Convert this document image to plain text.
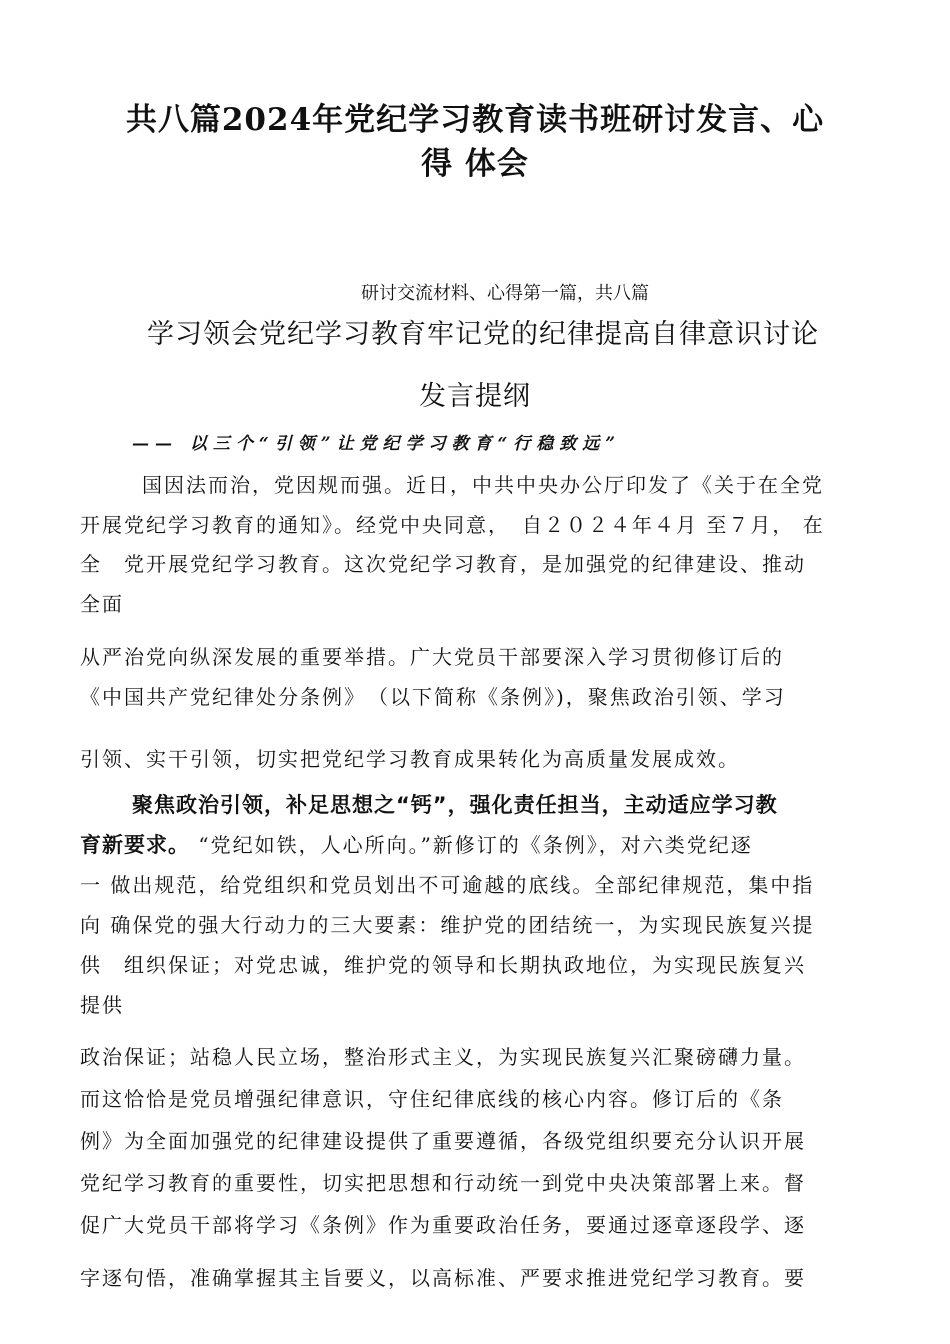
共八篇2024年党纪学习教育读书班研讨发言、心
得 体会
研讨交流材料、心得第一篇，共八篇
学习领会党纪学习教育牢记党的纪律提高自律意识讨论
发言提纲
—— 以三个“引领”让党纪学习教育“行稳致远”
　国因法而治，党因规而强。近日，中共中央办公厅印发了《关于在全党
开展党纪学习教育的通知》。经党中央同意，　自２０２４年４月 至７月， 在
全　党开展党纪学习教育。这次党纪学习教育，是加强党的纪律建设、推动
全面
从严治党向纵深发展的重要举措。广大党员干部要深入学习贯彻修订后的
《中国共产党纪律处分条例》　（以下简称《条例》)，聚焦政治引领、学习
引领、实干引领，切实把党纪学习教育成果转化为高质量发展成效。
聚焦政治引领，补足思想之“钙”，强化责任担当，主动适应学习教
育新要求。 “党纪如铁，人心所向。”新修订的《条例》，对六类党纪逐
一 做出规范，给党组织和党员划出不可逾越的底线。全部纪律规范，集中指
向 确保党的强大行动力的三大要素：维护党的团结统一，为实现民族复兴提
供　组织保证；对党忠诚，维护党的领导和长期执政地位，为实现民族复兴
提供
政治保证；站稳人民立场，整治形式主义，为实现民族复兴汇聚磅礴力量。
而这恰恰是党员增强纪律意识，守住纪律底线的核心内容。修订后的《条
例》为全面加强党的纪律建设提供了重要遵循，各级党组织要充分认识开展
党纪学习教育的重要性，切实把思想和行动统一到党中央决策部署上来。督
促广大党员干部将学习《条例》作为重要政治任务，要通过逐章逐段学、逐
字逐句悟，准确掌握其主旨要义，以高标准、严要求推进党纪学习教育。要
